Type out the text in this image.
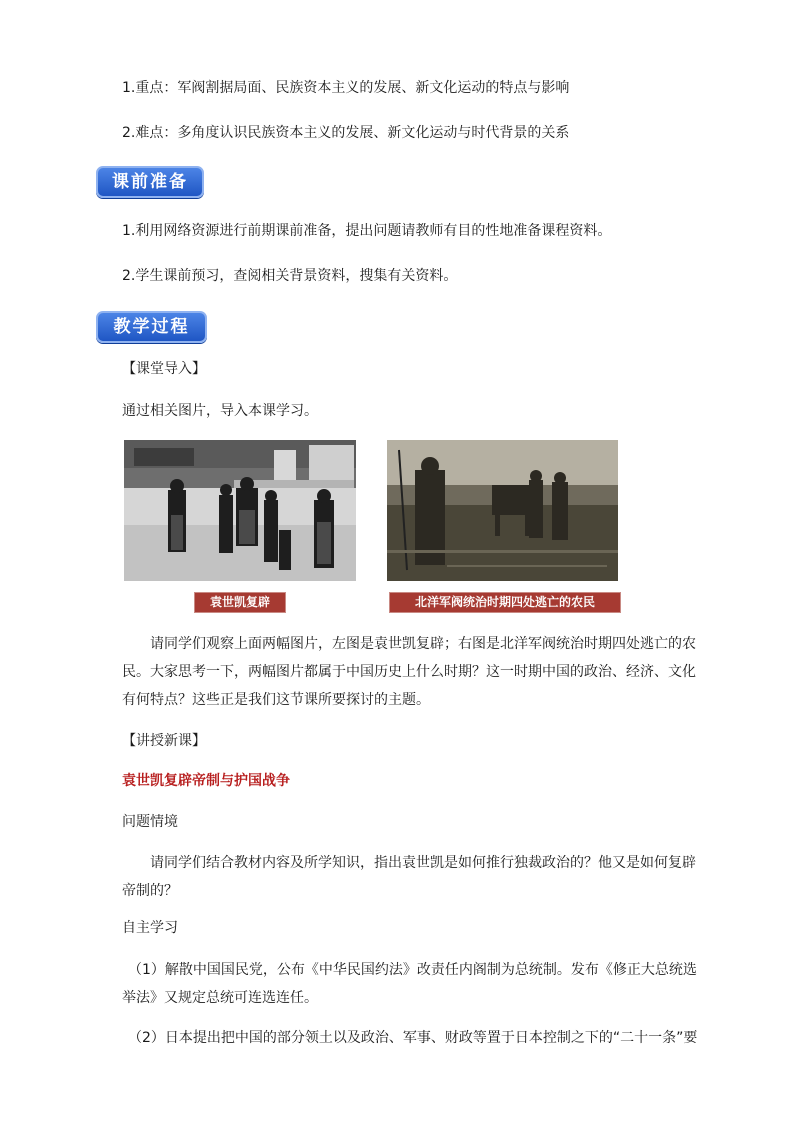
1.重点：军阀割据局面、民族资本主义的发展、新文化运动的特点与影响
2.难点：多角度认识民族资本主义的发展、新文化运动与时代背景的关系
课前准备
1.利用网络资源进行前期课前准备，提出问题请教师有目的性地准备课程资料。
2.学生课前预习，查阅相关背景资料，搜集有关资料。
教学过程
【课堂导入】
通过相关图片，导入本课学习。
袁世凯复辟	北洋军阀统治时期四处逃亡的农民
请同学们观察上面两幅图片，左图是袁世凯复辟；右图是北洋军阀统治时期四处逃亡的农民。大家思考一下，两幅图片都属于中国历史上什么时期？这一时期中国的政治、经济、文化有何特点？这些正是我们这节课所要探讨的主题。
【讲授新课】
袁世凯复辟帝制与护国战争
问题情境
请同学们结合教材内容及所学知识，指出袁世凯是如何推行独裁政治的？他又是如何复辟帝制的？
自主学习
（1）解散中国国民党，公布《中华民国约法》改责任内阁制为总统制。发布《修正大总统选举法》又规定总统可连选连任。
（2）日本提出把中国的部分领土以及政治、军事、财政等置于日本控制之下的“二十一条”要
